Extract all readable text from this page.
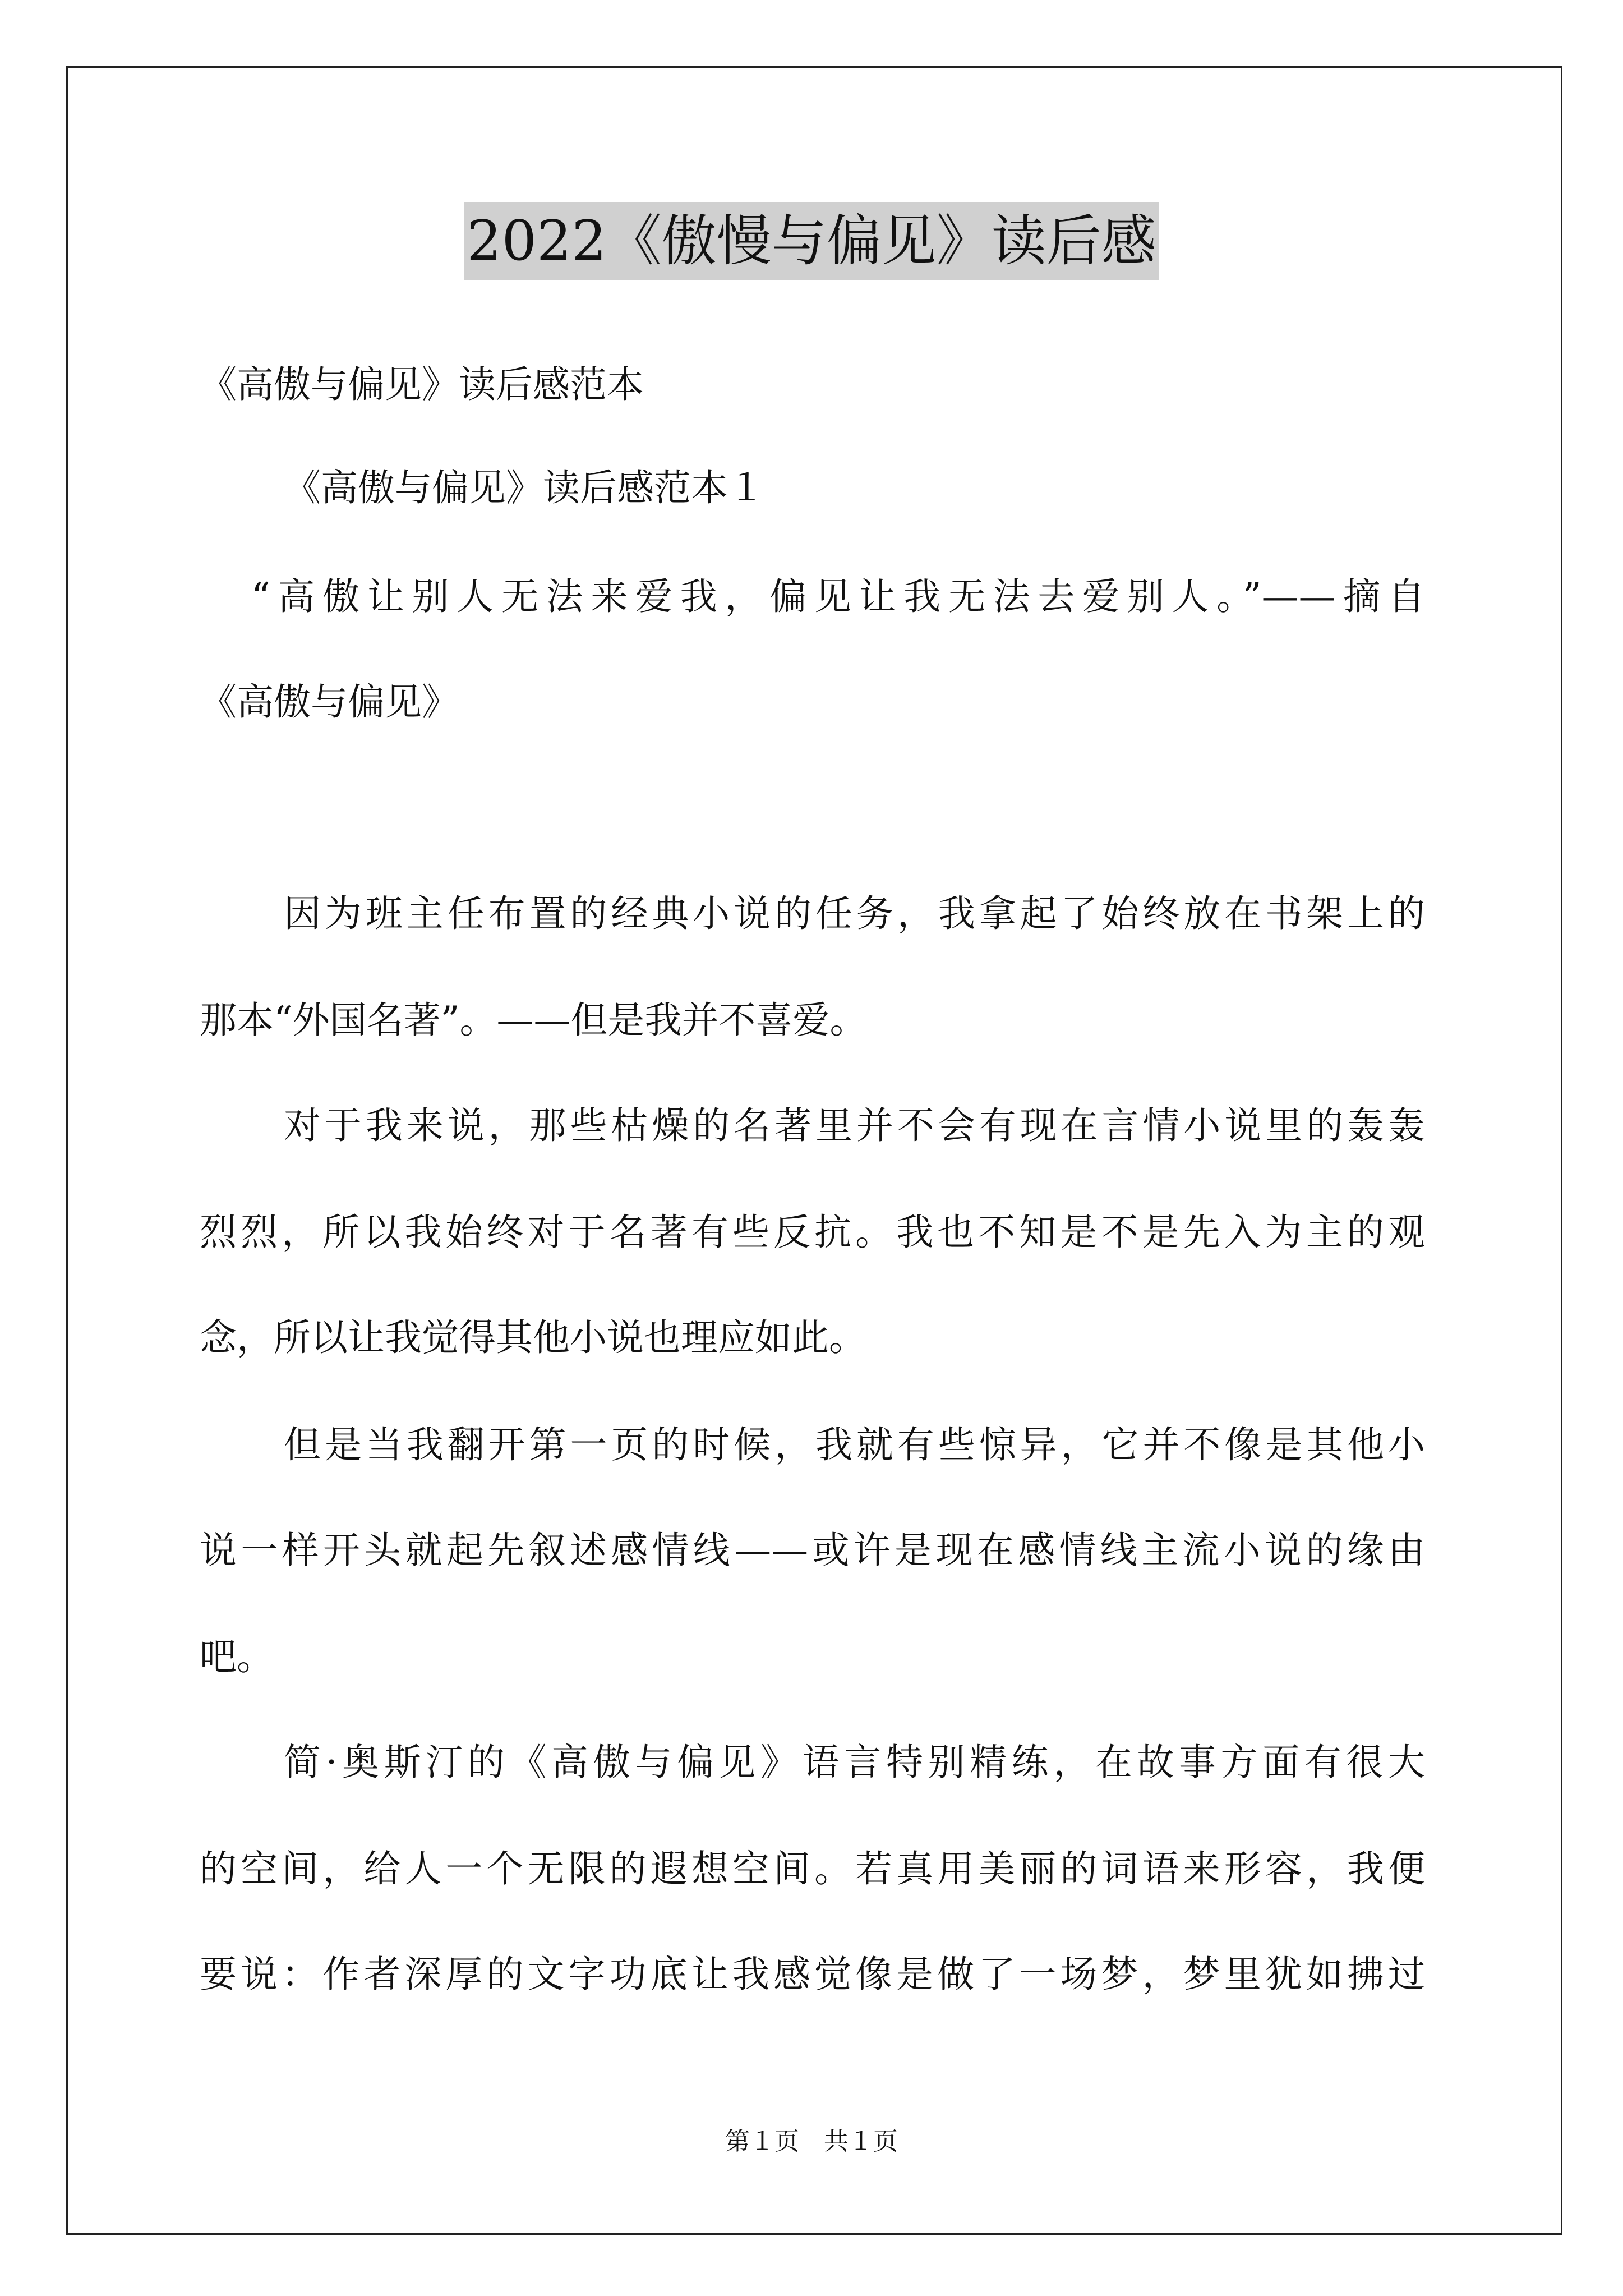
2022《傲慢与偏见》读后感

《高傲与偏见》读后感范本

《高傲与偏见》读后感范本１

“高傲让别人无法来爱我，偏见让我无法去爱别人。”——摘自

《高傲与偏见》

因为班主任布置的经典小说的任务，我拿起了始终放在书架上的

那本“外国名著”。——但是我并不喜爱。

对于我来说，那些枯燥的名著里并不会有现在言情小说里的轰轰

烈烈，所以我始终对于名著有些反抗。我也不知是不是先入为主的观

念，所以让我觉得其他小说也理应如此。

但是当我翻开第一页的时候，我就有些惊异，它并不像是其他小

说一样开头就起先叙述感情线——或许是现在感情线主流小说的缘由

吧。

简·奥斯汀的《高傲与偏见》语言特别精练，在故事方面有很大

的空间，给人一个无限的遐想空间。若真用美丽的词语来形容，我便

要说：作者深厚的文字功底让我感觉像是做了一场梦，梦里犹如拂过

第１页　共１页
